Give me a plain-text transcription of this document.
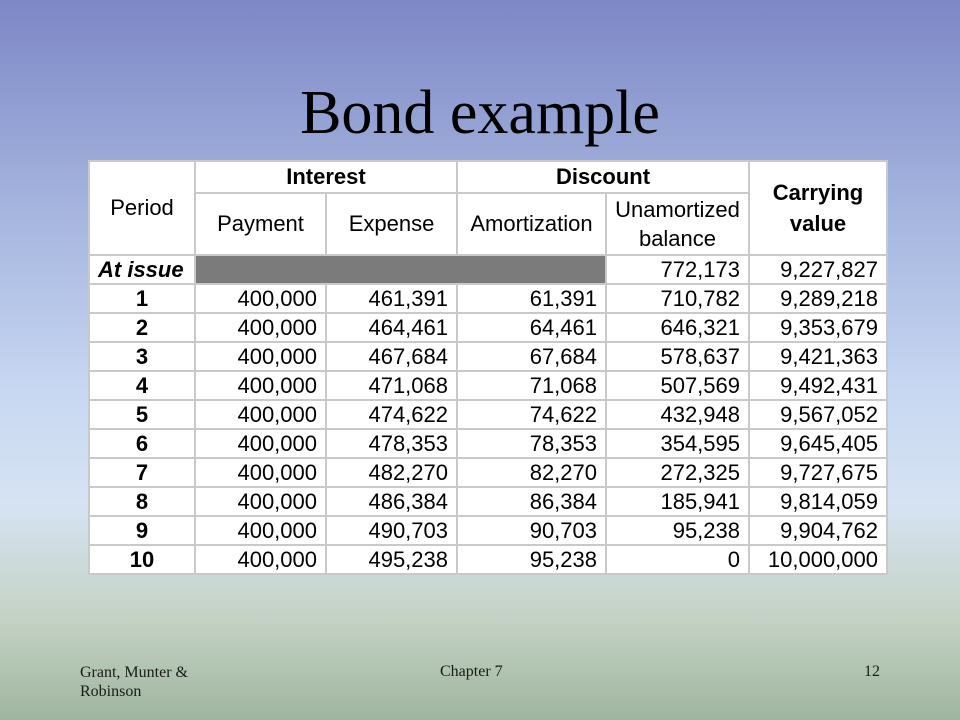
Bond example
Period	Interest		Discount		Carrying
value
	Payment	Expense	Amortization	Unamortized
balance	
At issue				772,173	9,227,827
1	400,000	461,391	61,391	710,782	9,289,218
2	400,000	464,461	64,461	646,321	9,353,679
3	400,000	467,684	67,684	578,637	9,421,363
4	400,000	471,068	71,068	507,569	9,492,431
5	400,000	474,622	74,622	432,948	9,567,052
6	400,000	478,353	78,353	354,595	9,645,405
7	400,000	482,270	82,270	272,325	9,727,675
8	400,000	486,384	86,384	185,941	9,814,059
9	400,000	490,703	90,703	95,238	9,904,762
10	400,000	495,238	95,238	0	10,000,000
Grant, Munter & Robinson
Chapter 7	12
